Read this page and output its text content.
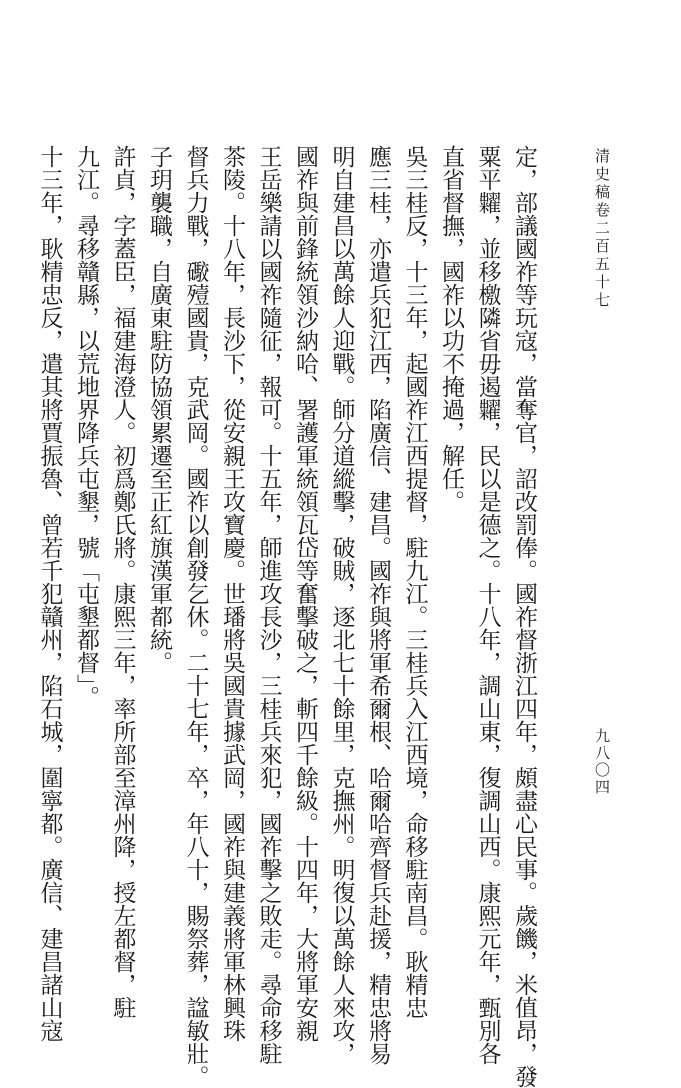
清史稿卷二百五十七
九八〇四
定，部議國祚等玩寇，當奪官，詔改罰俸。國祚督浙江四年，頗盡心民事。歲饑，米值昂，發
粟平糶，並移檄隣省毋遏糶，民以是德之。十八年，調山東，復調山西。康熙元年，甄別各
直省督撫，國祚以功不掩過，解任。
吳三桂反，十三年，起國祚江西提督，駐九江。三桂兵入江西境，命移駐南昌。耿精忠
應三桂，亦遣兵犯江西，陷廣信、建昌。國祚與將軍希爾根、哈爾哈齊督兵赴援，精忠將易
明自建昌以萬餘人迎戰。師分道縱擊，破賊，逐北七十餘里，克撫州。明復以萬餘人來攻，
國祚與前鋒統領沙納哈、署護軍統領瓦岱等奮擊破之，斬四千餘級。十四年，大將軍安親
王岳樂請以國祚隨征，報可。十五年，師進攻長沙，三桂兵來犯，國祚擊之敗走。尋命移駐
茶陵。十八年，長沙下，從安親王攻寶慶。世璠將吳國貴據武岡，國祚與建義將軍林興珠
督兵力戰，礮殪國貴，克武岡。國祚以創發乞休。二十七年，卒，年八十，賜祭葬，諡敏壯。
子玥襲職，自廣東駐防協領累遷至正紅旗漢軍都統。
許貞，字蓋臣，福建海澄人。初爲鄭氏將。康熙三年，率所部至漳州降，授左都督，駐
九江。尋移贛縣，以荒地界降兵屯墾，號「屯墾都督」。
十三年，耿精忠反，遣其將賈振魯、曾若千犯贛州，陷石城，圍寧都。廣信、建昌諸山寇
